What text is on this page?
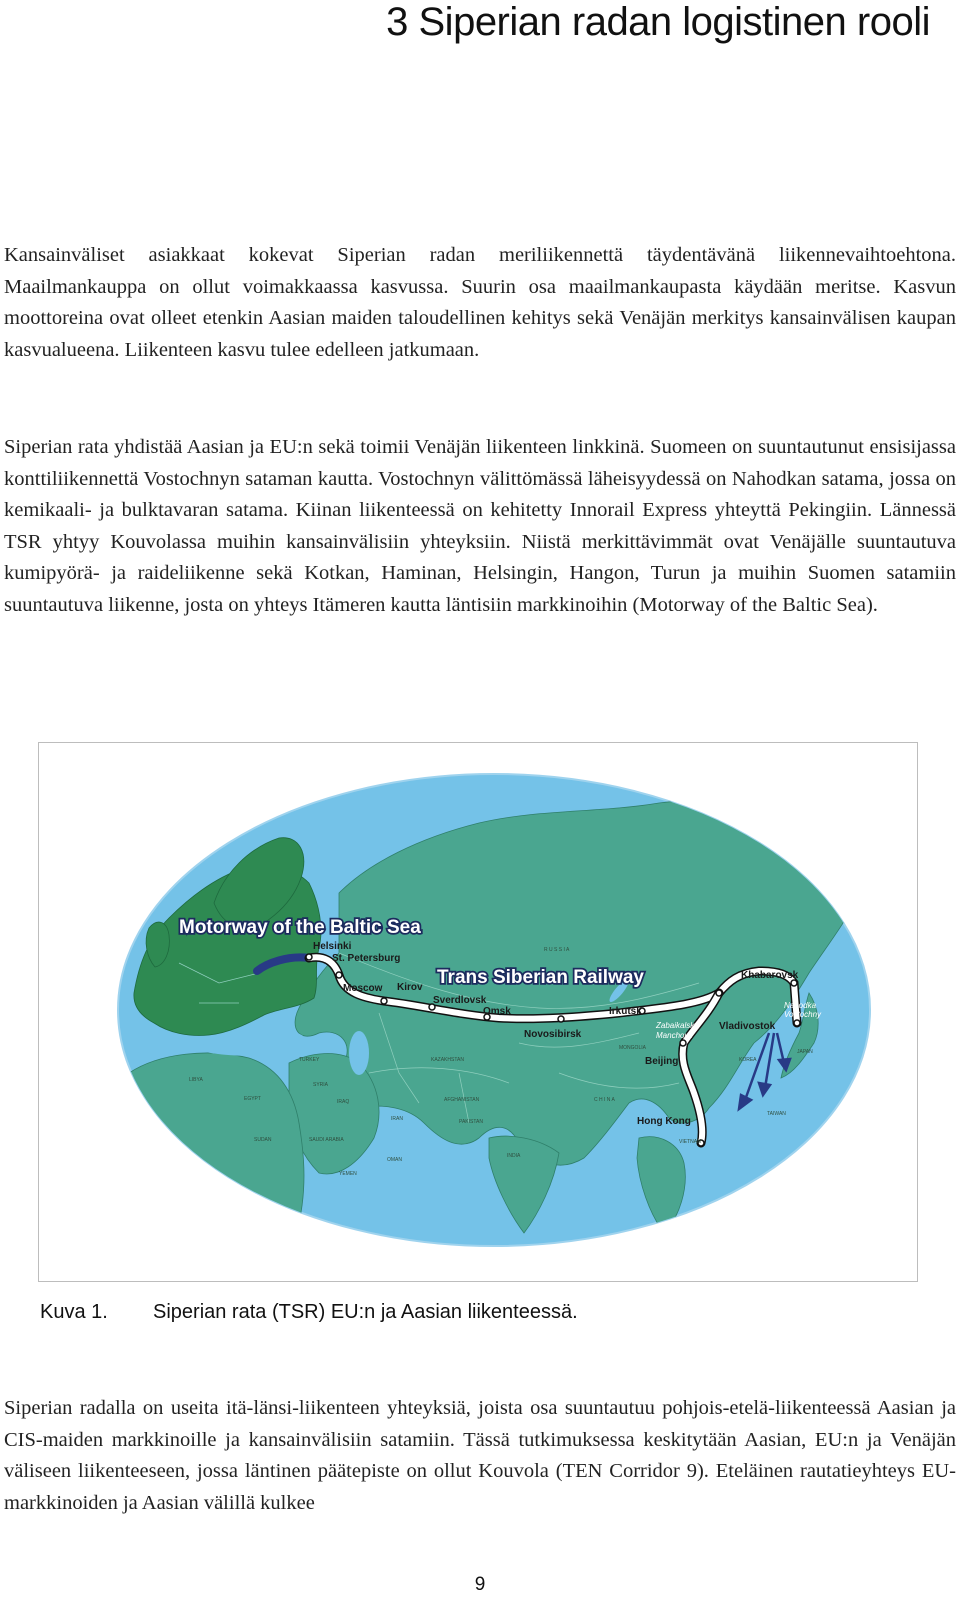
3 Siperian radan logistinen rooli

Kansainväliset asiakkaat kokevat Siperian radan meriliikennettä täydentävänä liikennevaihtoehtona. Maailmankauppa on ollut voimakkaassa kasvussa. Suurin osa maailmankaupasta käydään meritse. Kasvun moottoreina ovat olleet etenkin Aasian maiden taloudellinen kehitys sekä Venäjän merkitys kansainvälisen kaupan kasvualueena. Liikenteen kasvu tulee edelleen jatkumaan.

Siperian rata yhdistää Aasian ja EU:n sekä toimii Venäjän liikenteen linkkinä. Suomeen on suuntautunut ensisijassa konttiliikennettä Vostochnyn sataman kautta. Vostochnyn välittömässä läheisyydessä on Nahodkan satama, jossa on kemikaali- ja bulktavaran satama. Kiinan liikenteessä on kehitetty Innorail Express yhteyttä Pekingiin. Lännessä TSR yhtyy Kouvolassa muihin kansainvälisiin yhteyksiin. Niistä merkittävimmät ovat Venäjälle suuntautuva kumipyörä- ja raideliikenne sekä Kotkan, Haminan, Helsingin, Hangon, Turun ja muihin Suomen satamiin suuntautuva liikenne, josta on yhteys Itämeren kautta läntisiin markkinoihin (Motorway of the Baltic Sea).

Motorway of the Baltic Sea
Trans Siberian Railway
Helsinki
St. Petersburg
Moscow Kirov
Sverdlovsk
Omsk
Novosibirsk
Irkutsk
Khabarovsk
Vladivostok
Beijing
Hong Kong
Zabaikalsk /
Manchouli
Nahodka
Vostochny
R U S S I A
C H I N A
MONGOLIA
INDIA
IRAN
EGYPT
LIBYA
SAUDI ARABIA
KAZAKHSTAN
JAPAN
KOREA
TAIWAN
TURKEY
SYRIA
IRAQ
PAKISTAN
AFGHANISTAN
OMAN
YEMEN
SUDAN	VIETNAM
Kuva 1. Siperian rata (TSR) EU:n ja Aasian liikenteessä.

Siperian radalla on useita itä-länsi-liikenteen yhteyksiä, joista osa suuntautuu pohjois-etelä-liikenteessä Aasian ja CIS-maiden markkinoille ja kansainvälisiin satamiin. Tässä tutkimuksessa keskitytään Aasian, EU:n ja Venäjän väliseen liikenteeseen, jossa läntinen päätepiste on ollut Kouvola (TEN Corridor 9). Eteläinen rautatieyhteys EU-markkinoiden ja Aasian välillä kulkee

9
